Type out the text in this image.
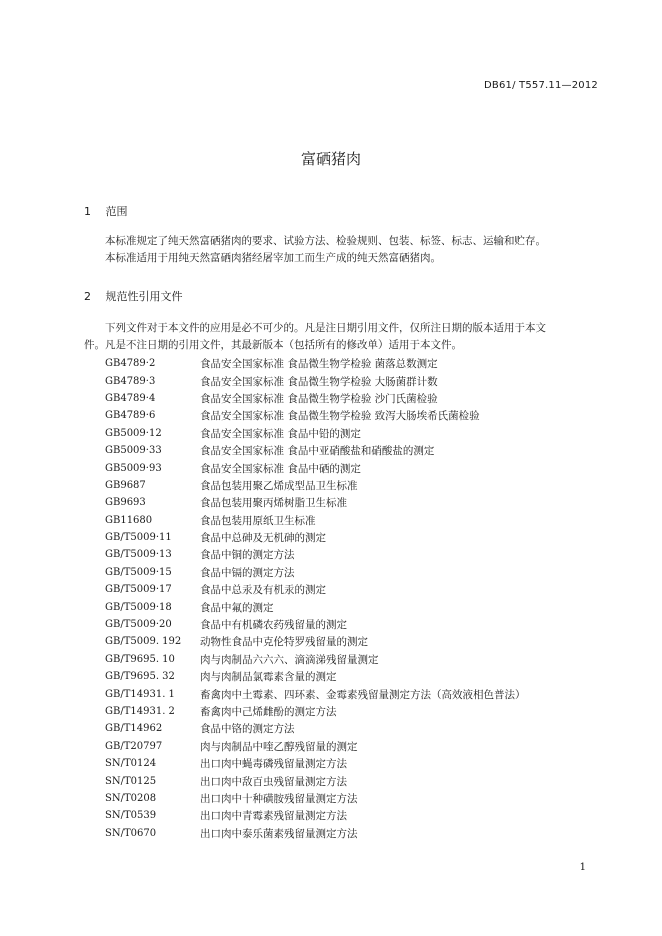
DB61/ T557.11—2012
富硒猪肉
1 范围

本标准规定了纯天然富硒猪肉的要求、试验方法、检验规则、包装、标签、标志、运输和贮存。

本标准适用于用纯天然富硒肉猪经屠宰加工而生产成的纯天然富硒猪肉。

2 规范性引用文件

下列文件对于本文件的应用是必不可少的。凡是注日期引用文件，仅所注日期的版本适用于本文

件。凡是不注日期的引用文件，其最新版本（包括所有的修改单）适用于本文件。
GB4789·2	食品安全国家标准 食品微生物学检验 菌落总数测定
GB4789·3	食品安全国家标准 食品微生物学检验 大肠菌群计数
GB4789·4	食品安全国家标准 食品微生物学检验 沙门氏菌检验
GB4789·6	食品安全国家标准 食品微生物学检验 致泻大肠埃希氏菌检验
GB5009·12	食品安全国家标准 食品中铅的测定
GB5009·33	食品安全国家标准 食品中亚硝酸盐和硝酸盐的测定
GB5009·93	食品安全国家标准 食品中硒的测定
GB9687	食品包装用聚乙烯成型品卫生标准
GB9693	食品包装用聚丙烯树脂卫生标准
GB11680	食品包装用原纸卫生标准
GB/T5009·11	食品中总砷及无机砷的测定
GB/T5009·13	食品中铜的测定方法
GB/T5009·15	食品中镉的测定方法
GB/T5009·17	食品中总汞及有机汞的测定
GB/T5009·18	食品中氟的测定
GB/T5009·20	食品中有机磷农药残留量的测定
GB/T5009. 192	动物性食品中克伦特罗残留量的测定
GB/T9695. 10	肉与肉制品六六六、滴滴涕残留量测定
GB/T9695. 32	肉与肉制品氯霉素含量的测定
GB/T14931. 1	畜禽肉中土霉素、四环素、金霉素残留量测定方法（高效液相色普法）
GB/T14931. 2	畜禽肉中己烯雌酚的测定方法
GB/T14962	食品中铬的测定方法
GB/T20797	肉与肉制品中喹乙醇残留量的测定
SN/T0124	出口肉中蝇毒磷残留量测定方法
SN/T0125	出口肉中敌百虫残留量测定方法
SN/T0208	出口肉中十种磺胺残留量测定方法
SN/T0539	出口肉中青霉素残留量测定方法
SN/T0670	出口肉中泰乐菌素残留量测定方法
1
